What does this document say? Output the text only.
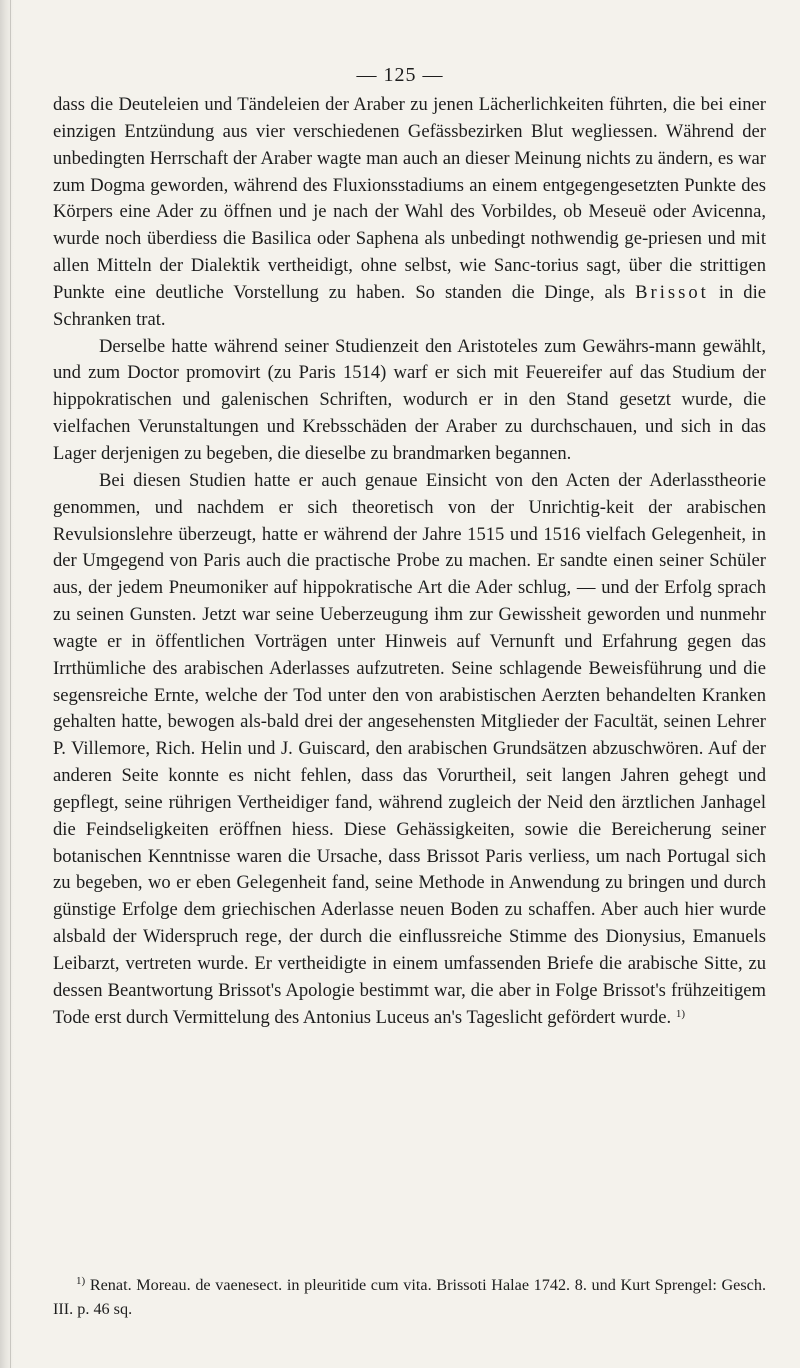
— 125 —

dass die Deuteleien und Tändeleien der Araber zu jenen Lächerlichkeiten führten, die bei einer einzigen Entzündung aus vier verschiedenen Gefässbezirken Blut wegliessen. Während der unbedingten Herrschaft der Araber wagte man auch an dieser Meinung nichts zu ändern, es war zum Dogma geworden, während des Fluxionsstadiums an einem entgegengesetzten Punkte des Körpers eine Ader zu öffnen und je nach der Wahl des Vorbildes, ob Meseuë oder Avicenna, wurde noch überdiess die Basilica oder Saphena als unbedingt nothwendig ge-priesen und mit allen Mitteln der Dialektik vertheidigt, ohne selbst, wie Sanc-torius sagt, über die strittigen Punkte eine deutliche Vorstellung zu haben. So standen die Dinge, als Brissot in die Schranken trat.

Derselbe hatte während seiner Studienzeit den Aristoteles zum Gewährs-mann gewählt, und zum Doctor promovirt (zu Paris 1514) warf er sich mit Feuereifer auf das Studium der hippokratischen und galenischen Schriften, wodurch er in den Stand gesetzt wurde, die vielfachen Verunstaltungen und Krebsschäden der Araber zu durchschauen, und sich in das Lager derjenigen zu begeben, die dieselbe zu brandmarken begannen.

Bei diesen Studien hatte er auch genaue Einsicht von den Acten der Aderlasstheorie genommen, und nachdem er sich theoretisch von der Unrichtig-keit der arabischen Revulsionslehre überzeugt, hatte er während der Jahre 1515 und 1516 vielfach Gelegenheit, in der Umgegend von Paris auch die practische Probe zu machen. Er sandte einen seiner Schüler aus, der jedem Pneumoniker auf hippokratische Art die Ader schlug, — und der Erfolg sprach zu seinen Gunsten. Jetzt war seine Ueberzeugung ihm zur Gewissheit geworden und nunmehr wagte er in öffentlichen Vorträgen unter Hinweis auf Vernunft und Erfahrung gegen das Irrthümliche des arabischen Aderlasses aufzutreten. Seine schlagende Beweisführung und die segensreiche Ernte, welche der Tod unter den von arabistischen Aerzten behandelten Kranken gehalten hatte, bewogen als-bald drei der angesehensten Mitglieder der Facultät, seinen Lehrer P. Villemore, Rich. Helin und J. Guiscard, den arabischen Grundsätzen abzuschwören. Auf der anderen Seite konnte es nicht fehlen, dass das Vorurtheil, seit langen Jahren gehegt und gepflegt, seine rührigen Vertheidiger fand, während zugleich der Neid den ärztlichen Janhagel die Feindseligkeiten eröffnen hiess. Diese Gehässigkeiten, sowie die Bereicherung seiner botanischen Kenntnisse waren die Ursache, dass Brissot Paris verliess, um nach Portugal sich zu begeben, wo er eben Gelegenheit fand, seine Methode in Anwendung zu bringen und durch günstige Erfolge dem griechischen Aderlasse neuen Boden zu schaffen. Aber auch hier wurde alsbald der Widerspruch rege, der durch die einflussreiche Stimme des Dionysius, Emanuels Leibarzt, vertreten wurde. Er vertheidigte in einem umfassenden Briefe die arabische Sitte, zu dessen Beantwortung Brissot's Apologie bestimmt war, die aber in Folge Brissot's frühzeitigem Tode erst durch Vermittelung des Antonius Luceus an's Tageslicht gefördert wurde. $^{1)}$

$^{1)}$ Renat. Moreau. de vaenesect. in pleuritide cum vita. Brissoti Halae 1742. 8. und Kurt Sprengel: Gesch. III. p. 46 sq.
